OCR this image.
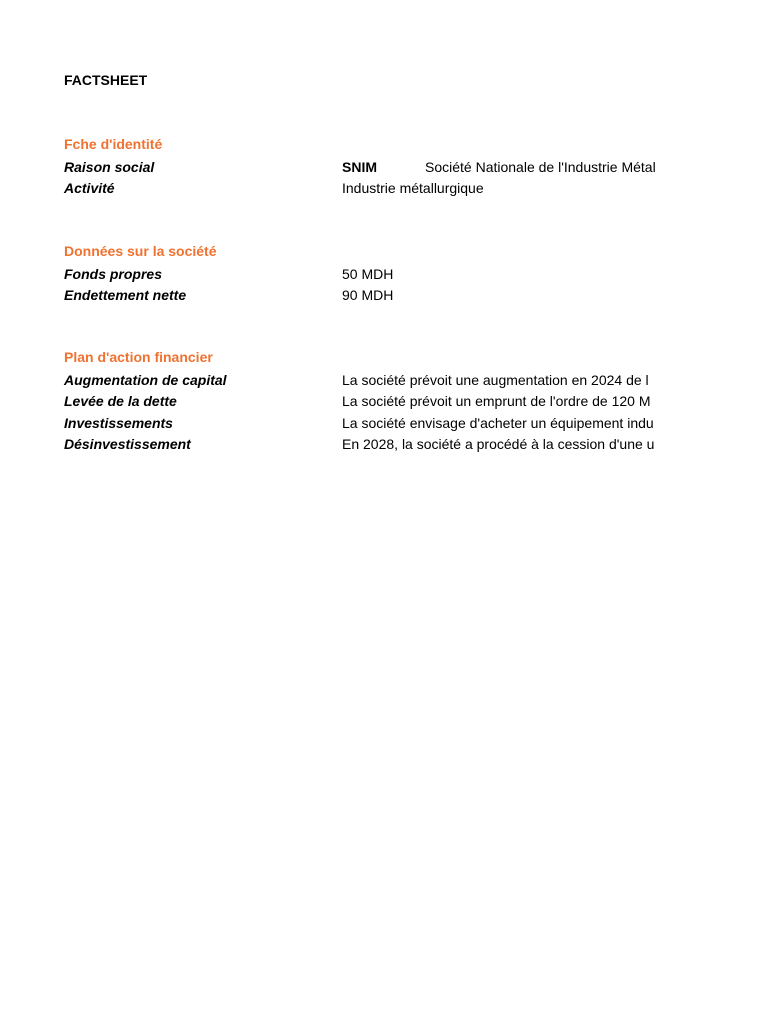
FACTSHEET
Fche d'identité
Raison social	SNIM	Société Nationale de l'Industrie Métal
Activité	Industrie métallurgique
Données sur la société
Fonds propres	50 MDH
Endettement nette	90 MDH
Plan d'action financier
Augmentation de capital	La société prévoit une augmentation en 2024 de l
Levée de la dette	La société prévoit un emprunt de l'ordre de 120 M
Investissements	La société envisage d'acheter un équipement indu
Désinvestissement	En 2028, la société a procédé à la cession d'une u
